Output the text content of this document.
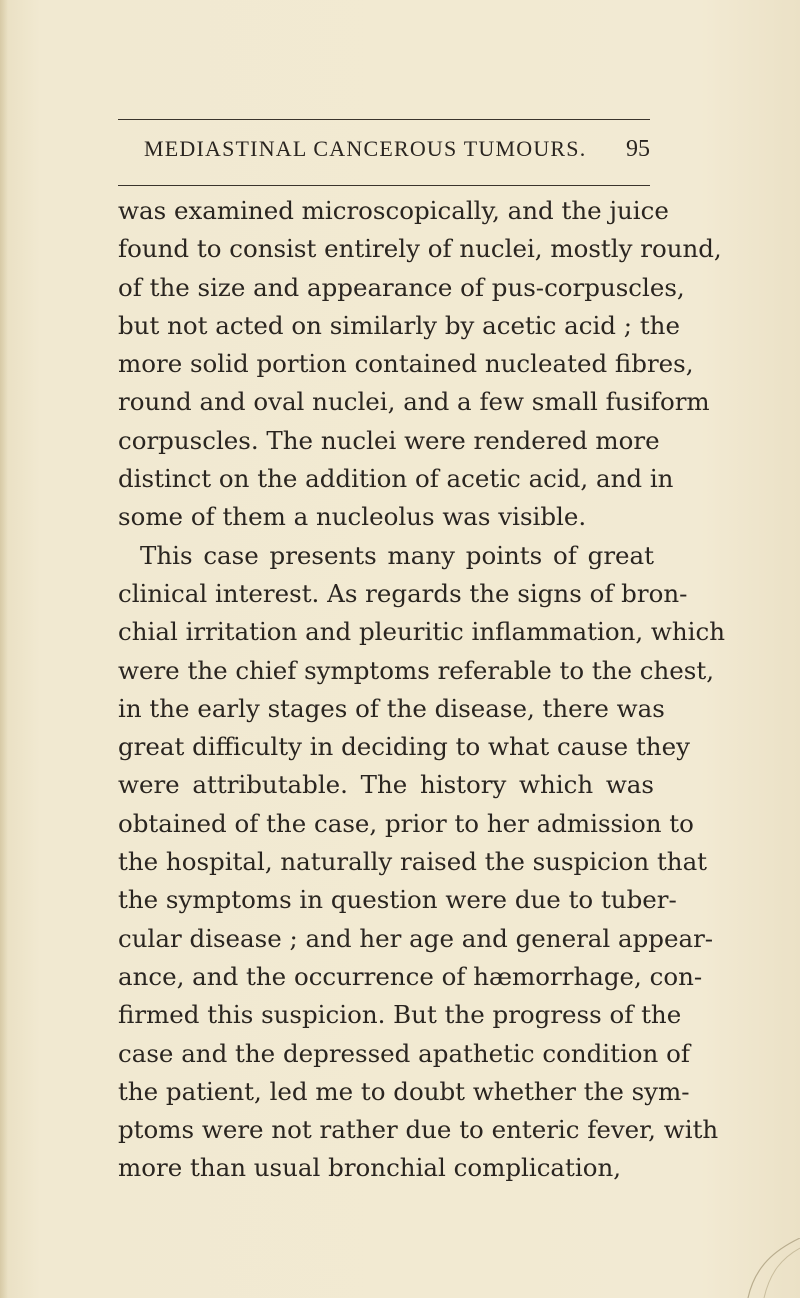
MEDIASTINAL CANCEROUS TUMOURS. 95
was examined microscopically, and the juice
found to consist entirely of nuclei, mostly round,
of the size and appearance of pus-corpuscles,
but not acted on similarly by acetic acid ; the
more solid portion contained nucleated fibres,
round and oval nuclei, and a few small fusiform
corpuscles. The nuclei were rendered more
distinct on the addition of acetic acid, and in
some of them a nucleolus was visible.
This case presents many points of great
clinical interest. As regards the signs of bron-
chial irritation and pleuritic inflammation, which
were the chief symptoms referable to the chest,
in the early stages of the disease, there was
great difficulty in deciding to what cause they
were attributable. The history which was
obtained of the case, prior to her admission to
the hospital, naturally raised the suspicion that
the symptoms in question were due to tuber-
cular disease ; and her age and general appear-
ance, and the occurrence of hæmorrhage, con-
firmed this suspicion. But the progress of the
case and the depressed apathetic condition of
the patient, led me to doubt whether the sym-
ptoms were not rather due to enteric fever, with
more than usual bronchial complication,
